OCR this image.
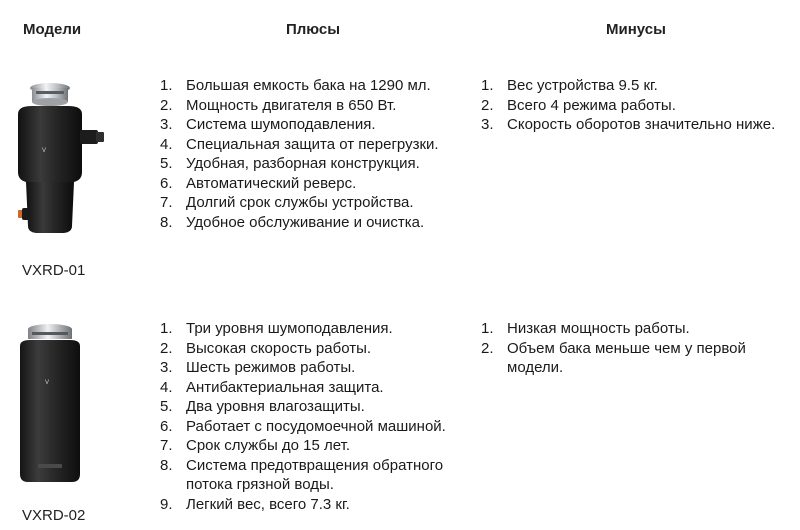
Модели	Плюсы	Минусы
V
V
VXRD-01
VXRD-02
1. Большая емкость бака на 1290 мл.
2. Мощность двигателя в 650 Вт.
3. Система шумоподавления.
4. Специальная защита от перегрузки.
5. Удобная, разборная конструкция.
6. Автоматический реверс.
7. Долгий срок службы устройства.
8. Удобное обслуживание и очистка.
1. Вес устройства 9.5 кг.
2. Всего 4 режима работы.
3. Скорость оборотов значительно ниже.
1. Три уровня шумоподавления.
2. Высокая скорость работы.
3. Шесть режимов работы.
4. Антибактериальная защита.
5. Два уровня влагозащиты.
6. Работает с посудомоечной машиной.
7. Срок службы до 15 лет.
8. Система предотвращения обратного потока грязной воды.
9. Легкий вес, всего 7.3 кг.
1. Низкая мощность работы.
2. Объем бака меньше чем у первой модели.
